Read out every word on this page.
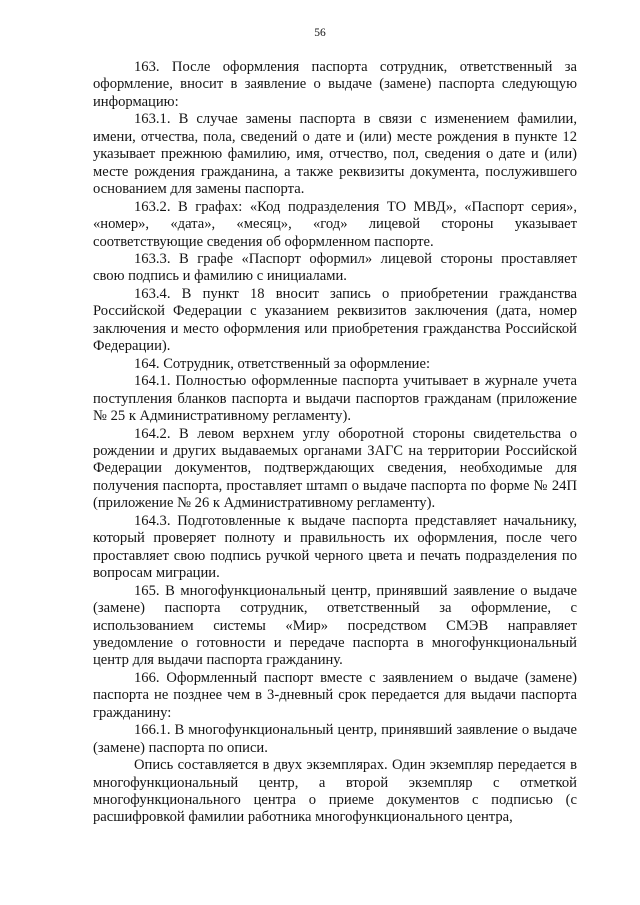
56

163. После оформления паспорта сотрудник, ответственный за оформление, вносит в заявление о выдаче (замене) паспорта следующую информацию:

163.1. В случае замены паспорта в связи с изменением фамилии, имени, отчества, пола, сведений о дате и (или) месте рождения в пункте 12 указывает прежнюю фамилию, имя, отчество, пол, сведения о дате и (или) месте рождения гражданина, а также реквизиты документа, послужившего основанием для замены паспорта.

163.2. В графах: «Код подразделения ТО МВД», «Паспорт серия», «номер», «дата», «месяц», «год» лицевой стороны указывает соответствующие сведения об оформленном паспорте.

163.3. В графе «Паспорт оформил» лицевой стороны проставляет свою подпись и фамилию с инициалами.

163.4. В пункт 18 вносит запись о приобретении гражданства Российской Федерации с указанием реквизитов заключения (дата, номер заключения и место оформления или приобретения гражданства Российской Федерации).

164. Сотрудник, ответственный за оформление:

164.1. Полностью оформленные паспорта учитывает в журнале учета поступления бланков паспорта и выдачи паспортов гражданам (приложение № 25 к Административному регламенту).

164.2. В левом верхнем углу оборотной стороны свидетельства о рождении и других выдаваемых органами ЗАГС на территории Российской Федерации документов, подтверждающих сведения, необходимые для получения паспорта, проставляет штамп о выдаче паспорта по форме № 24П (приложение № 26 к Административному регламенту).

164.3. Подготовленные к выдаче паспорта представляет начальнику, который проверяет полноту и правильность их оформления, после чего проставляет свою подпись ручкой черного цвета и печать подразделения по вопросам миграции.

165. В многофункциональный центр, принявший заявление о выдаче (замене) паспорта сотрудник, ответственный за оформление, с использованием системы «Мир» посредством СМЭВ направляет уведомление о готовности и передаче паспорта в многофункциональный центр для выдачи паспорта гражданину.

166. Оформленный паспорт вместе с заявлением о выдаче (замене) паспорта не позднее чем в 3-дневный срок передается для выдачи паспорта гражданину:

166.1. В многофункциональный центр, принявший заявление о выдаче (замене) паспорта по описи.

Опись составляется в двух экземплярах. Один экземпляр передается в многофункциональный центр, а второй экземпляр с отметкой многофункционального центра о приеме документов с подписью (с расшифровкой фамилии работника многофункционального центра,
